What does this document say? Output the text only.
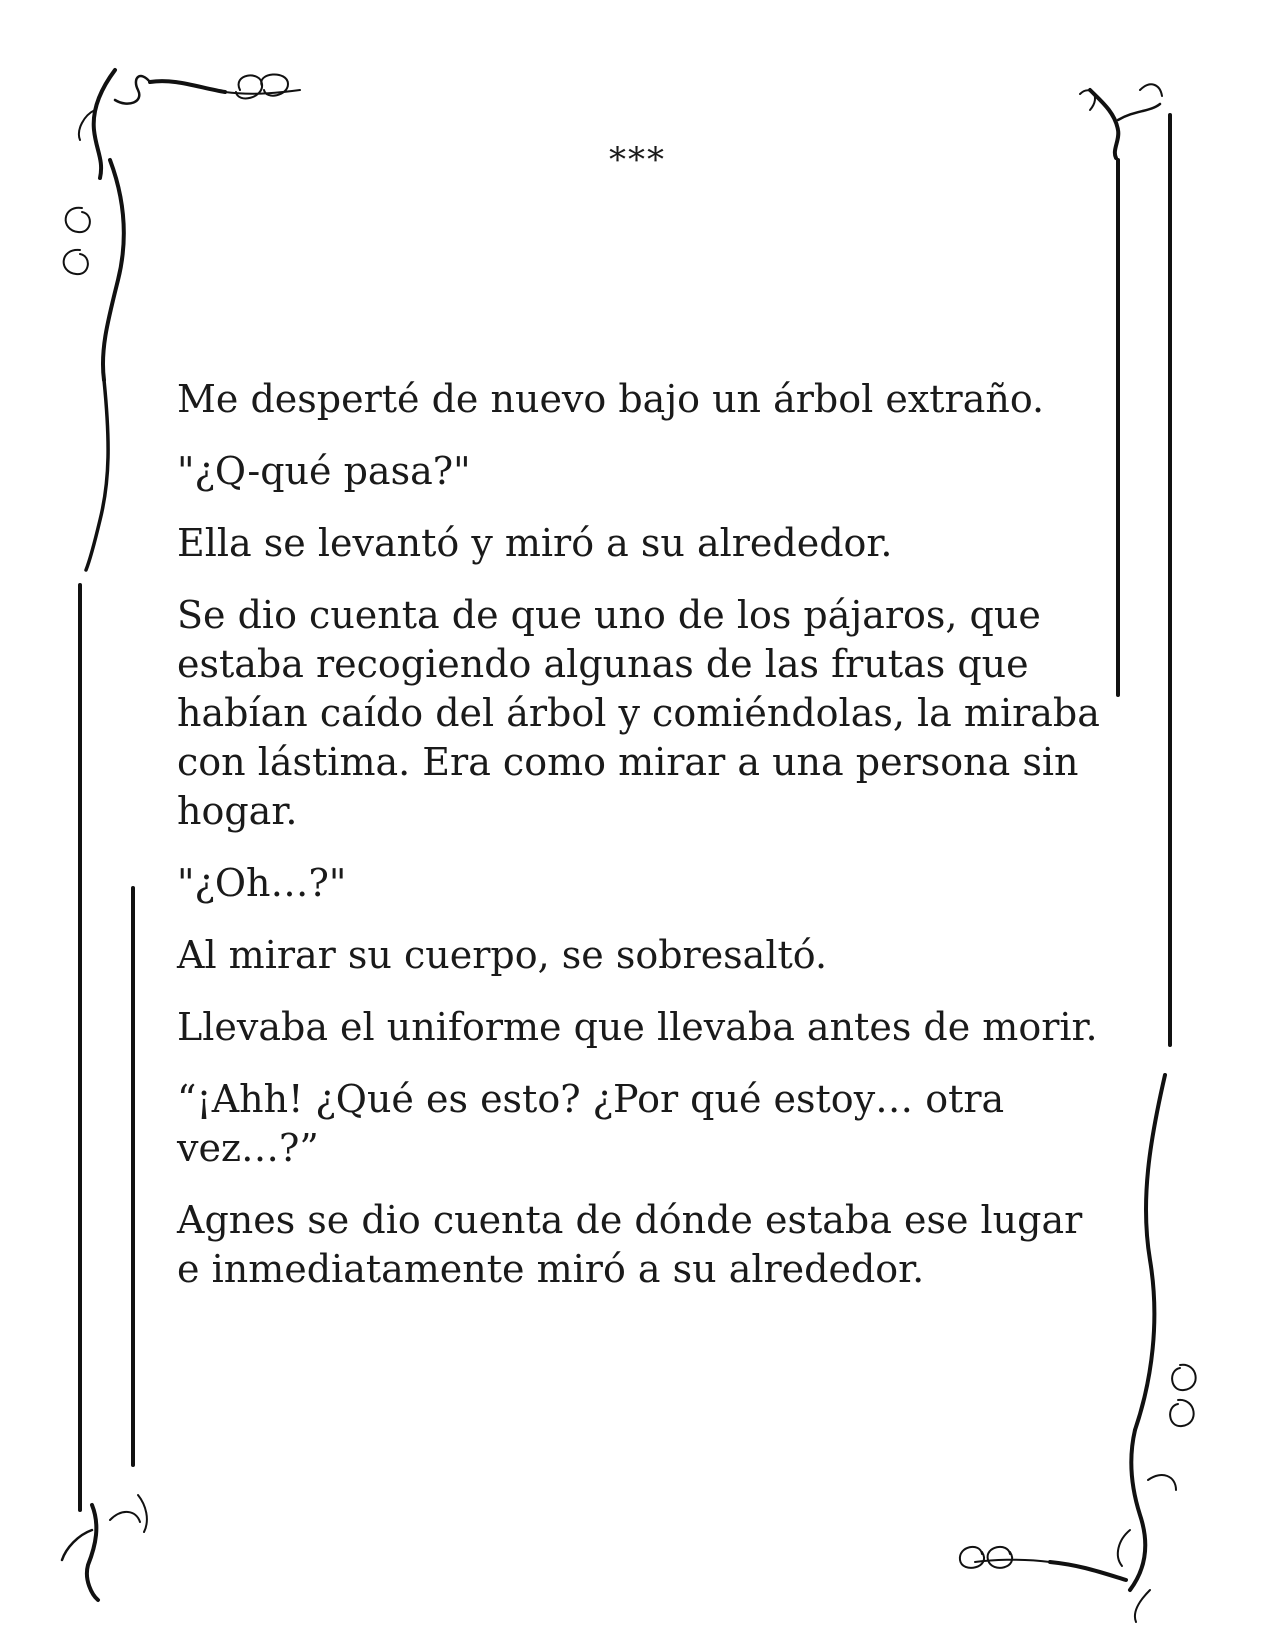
***

Me desperté de nuevo bajo un árbol extraño.

"¿Q-qué pasa?"

Ella se levantó y miró a su alrededor.

Se dio cuenta de que uno de los pájaros, que estaba recogiendo algunas de las frutas que habían caído del árbol y comiéndolas, la miraba con lástima. Era como mirar a una persona sin hogar.

"¿Oh…?"

Al mirar su cuerpo, se sobresaltó.

Llevaba el uniforme que llevaba antes de morir.

“¡Ahh! ¿Qué es esto? ¿Por qué estoy… otra vez…?”

Agnes se dio cuenta de dónde estaba ese lugar e inmediatamente miró a su alrededor.
